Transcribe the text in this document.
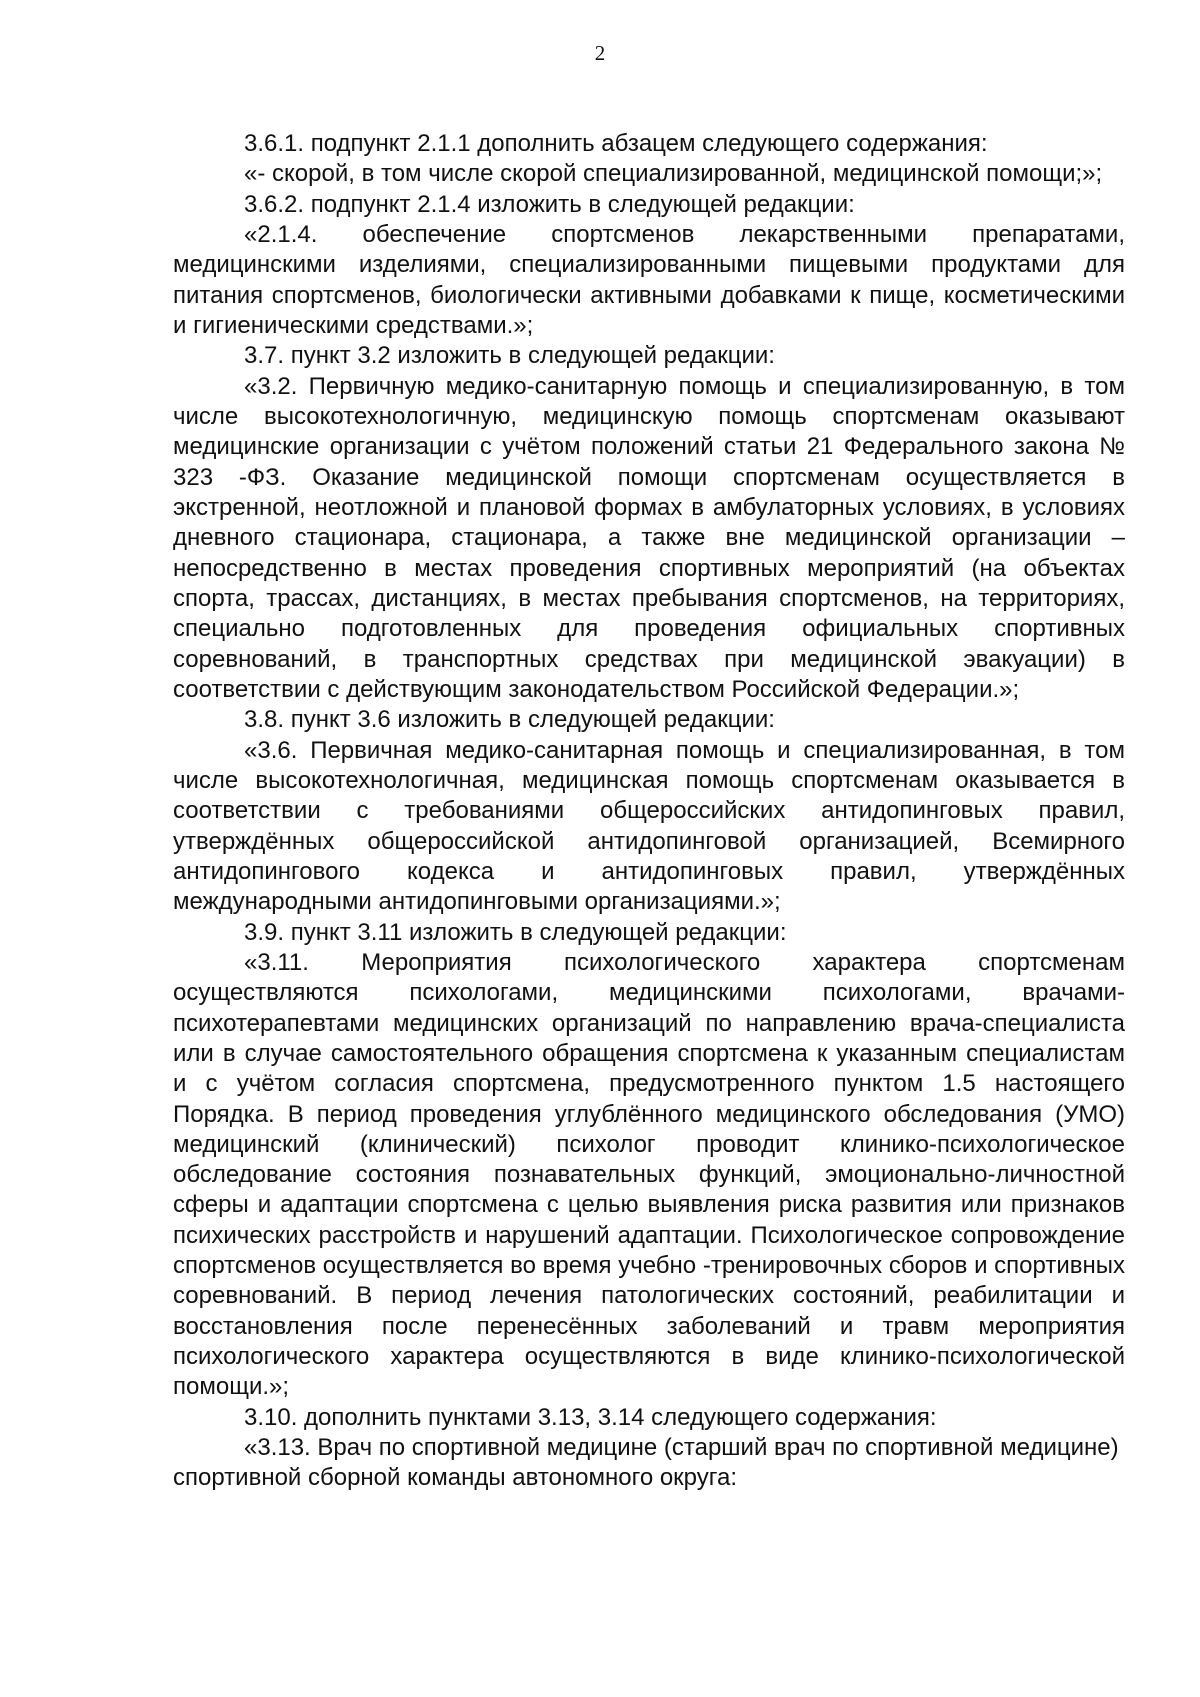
2

3.6.1. подпункт 2.1.1 дополнить абзацем следующего содержания:

«- скорой, в том числе скорой специализированной, медицинской помощи;»;

3.6.2. подпункт 2.1.4 изложить в следующей редакции:

«2.1.4. обеспечение спортсменов лекарственными препаратами, медицинскими изделиями, специализированными пищевыми продуктами для питания спортсменов, биологически активными добавками к пище, косметическими и гигиеническими средствами.»;

3.7. пункт 3.2 изложить в следующей редакции:

«3.2. Первичную медико-санитарную помощь и специализированную, в том числе высокотехнологичную, медицинскую помощь спортсменам оказывают медицинские организации с учётом положений статьи 21 Федерального закона № 323 -ФЗ. Оказание медицинской помощи спортсменам осуществляется в экстренной, неотложной и плановой формах в амбулаторных условиях, в условиях дневного стационара, стационара, а также вне медицинской организации – непосредственно в местах проведения спортивных мероприятий (на объектах спорта, трассах, дистанциях, в местах пребывания спортсменов, на территориях, специально подготовленных для проведения официальных спортивных соревнований, в транспортных средствах при медицинской эвакуации) в соответствии с действующим законодательством Российской Федерации.»;

3.8. пункт 3.6 изложить в следующей редакции:

«3.6. Первичная медико-санитарная помощь и специализированная, в том числе высокотехнологичная, медицинская помощь спортсменам оказывается в соответствии с требованиями общероссийских антидопинговых правил, утверждённых общероссийской антидопинговой организацией, Всемирного антидопингового кодекса и антидопинговых правил, утверждённых международными антидопинговыми организациями.»;

3.9. пункт 3.11 изложить в следующей редакции:

«3.11. Мероприятия психологического характера спортсменам осуществляются психологами, медицинскими психологами, врачами-психотерапевтами медицинских организаций по направлению врача-специалиста или в случае самостоятельного обращения спортсмена к указанным специалистам и с учётом согласия спортсмена, предусмотренного пунктом 1.5 настоящего Порядка. В период проведения углублённого медицинского обследования (УМО) медицинский (клинический) психолог проводит клинико-психологическое обследование состояния познавательных функций, эмоционально-личностной сферы и адаптации спортсмена с целью выявления риска развития или признаков психических расстройств и нарушений адаптации. Психологическое сопровождение спортсменов осуществляется во время учебно -тренировочных сборов и спортивных соревнований. В период лечения патологических состояний, реабилитации и восстановления после перенесённых заболеваний и травм мероприятия психологического характера осуществляются в виде клинико-психологической помощи.»;

3.10. дополнить пунктами 3.13, 3.14 следующего содержания:

«3.13. Врач по спортивной медицине (старший врач по спортивной медицине) спортивной сборной команды автономного округа:
